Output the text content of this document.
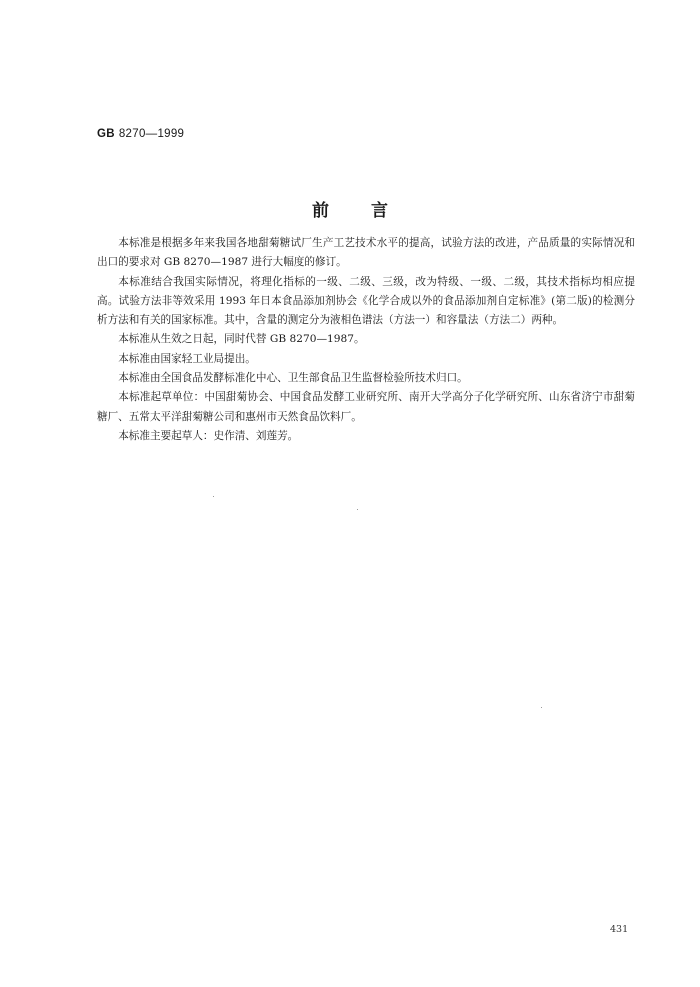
GB 8270—1999
前言

本标准是根据多年来我国各地甜菊糖试厂生产工艺技术水平的提高，试验方法的改进，产品质量的实际情况和出口的要求对 GB 8270—1987 进行大幅度的修订。

本标准结合我国实际情况，将理化指标的一级、二级、三级，改为特级、一级、二级，其技术指标均相应提高。试验方法非等效采用 1993 年日本食品添加剂协会《化学合成以外的食品添加剂自定标准》(第二版)的检测分析方法和有关的国家标准。其中，含量的测定分为液相色谱法（方法一）和容量法（方法二）两种。

本标准从生效之日起，同时代替 GB 8270—1987。

本标准由国家轻工业局提出。

本标准由全国食品发酵标准化中心、卫生部食品卫生监督检验所技术归口。

本标准起草单位：中国甜菊协会、中国食品发酵工业研究所、南开大学高分子化学研究所、山东省济宁市甜菊糖厂、五常太平洋甜菊糖公司和惠州市天然食品饮料厂。

本标准主要起草人：史作清、刘莲芳。

431
